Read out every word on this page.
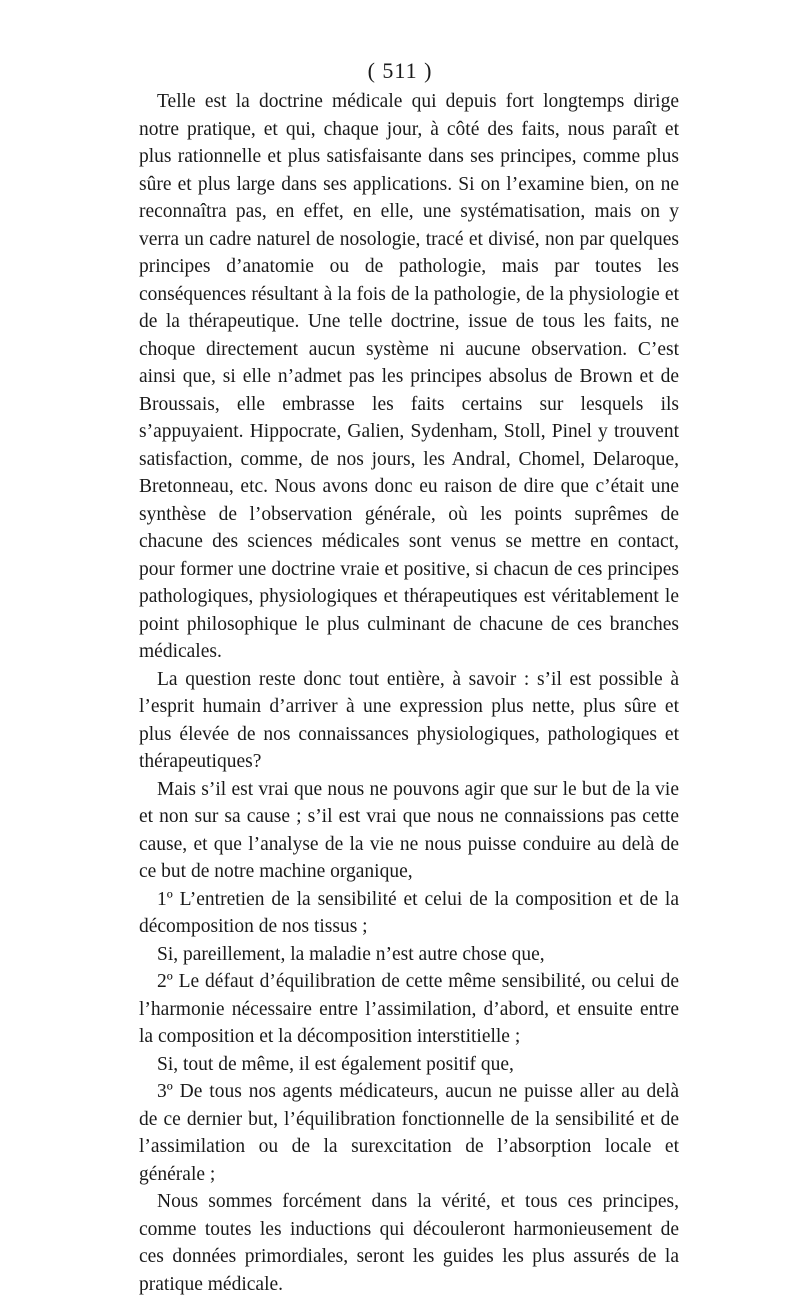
( 511 )

Telle est la doctrine médicale qui depuis fort longtemps dirige notre pratique, et qui, chaque jour, à côté des faits, nous paraît et plus rationnelle et plus satisfaisante dans ses principes, comme plus sûre et plus large dans ses applications. Si on l’examine bien, on ne reconnaîtra pas, en effet, en elle, une systématisation, mais on y verra un cadre naturel de nosologie, tracé et divisé, non par quelques principes d’anatomie ou de pathologie, mais par toutes les conséquences résultant à la fois de la pathologie, de la physiologie et de la thérapeutique. Une telle doctrine, issue de tous les faits, ne choque directement aucun système ni aucune observation. C’est ainsi que, si elle n’admet pas les principes absolus de Brown et de Broussais, elle embrasse les faits certains sur lesquels ils s’appuyaient. Hippocrate, Galien, Sydenham, Stoll, Pinel y trouvent satisfaction, comme, de nos jours, les Andral, Chomel, Delaroque, Bretonneau, etc. Nous avons donc eu raison de dire que c’était une synthèse de l’observation générale, où les points suprêmes de chacune des sciences médicales sont venus se mettre en contact, pour former une doctrine vraie et positive, si chacun de ces principes pathologiques, physiologiques et thérapeutiques est véritablement le point philosophique le plus culminant de chacune de ces branches médicales.

La question reste donc tout entière, à savoir : s’il est possible à l’esprit humain d’arriver à une expression plus nette, plus sûre et plus élevée de nos connaissances physiologiques, pathologiques et thérapeutiques?

Mais s’il est vrai que nous ne pouvons agir que sur le but de la vie et non sur sa cause ; s’il est vrai que nous ne connaissions pas cette cause, et que l’analyse de la vie ne nous puisse conduire au delà de ce but de notre machine organique,

1º L’entretien de la sensibilité et celui de la composition et de la décomposition de nos tissus ;

Si, pareillement, la maladie n’est autre chose que,

2º Le défaut d’équilibration de cette même sensibilité, ou celui de l’harmonie nécessaire entre l’assimilation, d’abord, et ensuite entre la composition et la décomposition interstitielle ;

Si, tout de même, il est également positif que,

3º De tous nos agents médicateurs, aucun ne puisse aller au delà de ce dernier but, l’équilibration fonctionnelle de la sensibilité et de l’assimilation ou de la surexcitation de l’absorption locale et générale ;

Nous sommes forcément dans la vérité, et tous ces principes, comme toutes les inductions qui découleront harmonieusement de ces données primordiales, seront les guides les plus assurés de la pratique médicale.
